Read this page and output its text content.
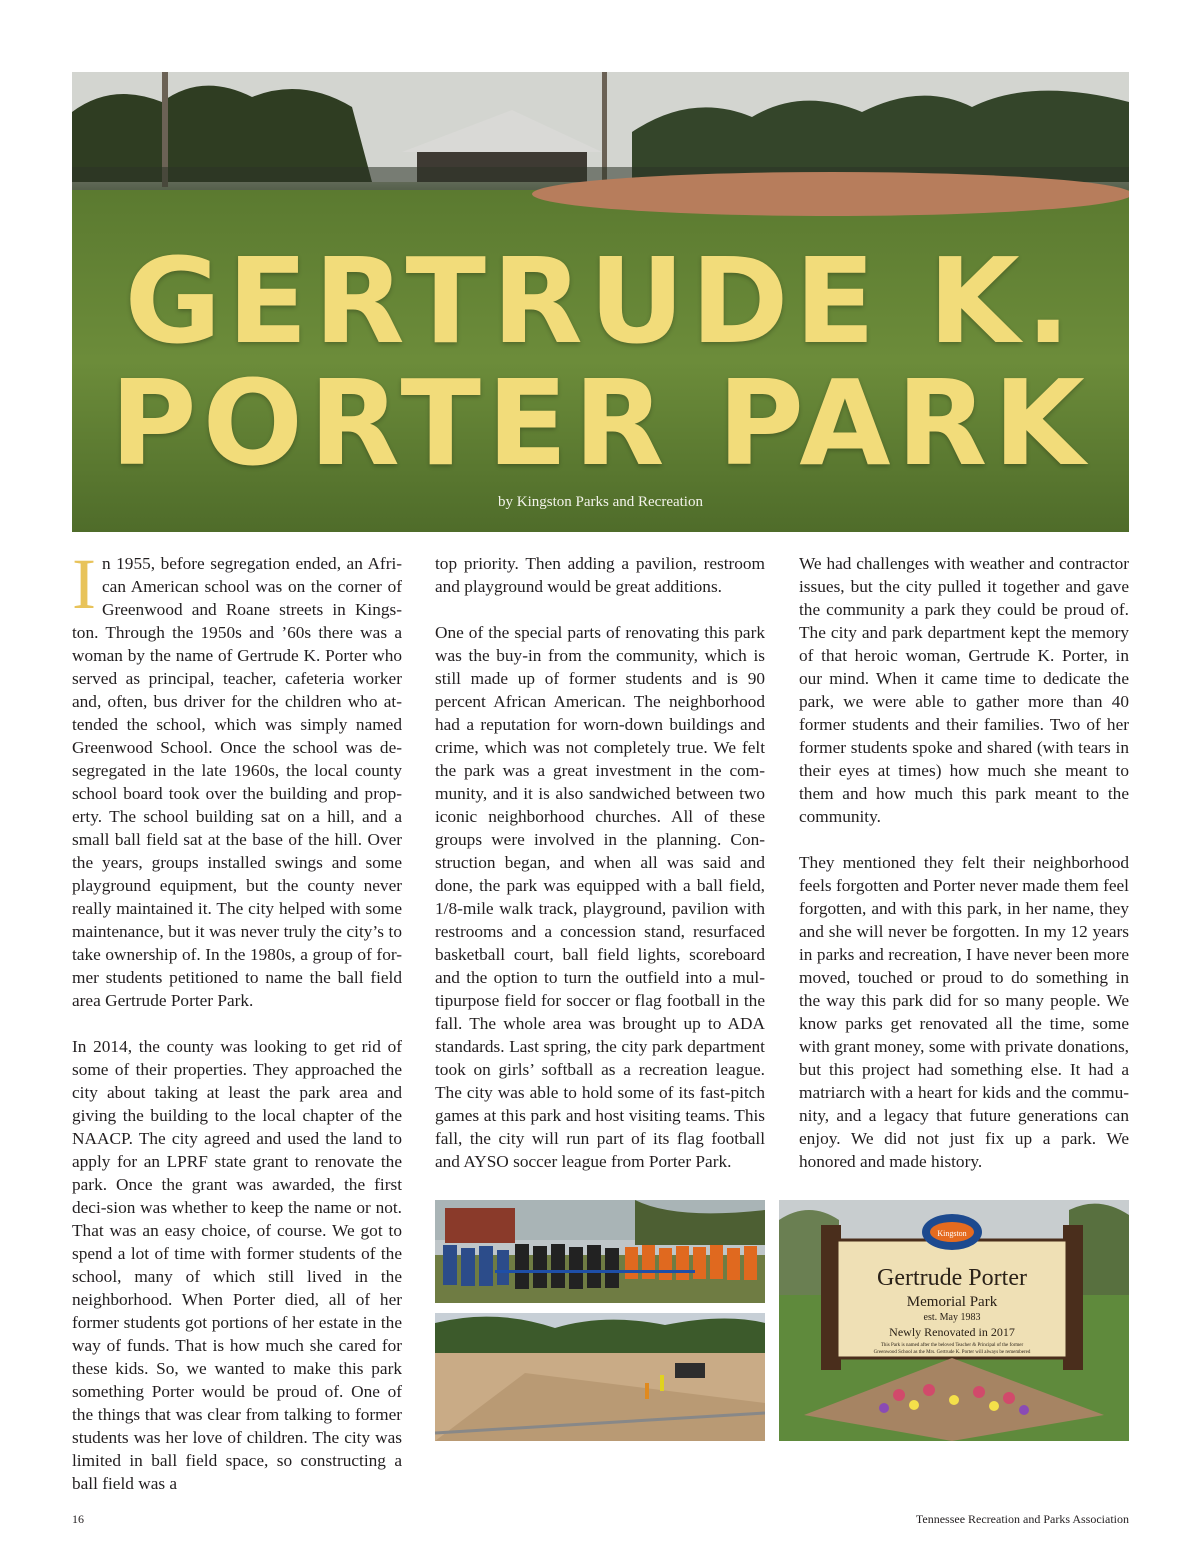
GERTRUDE K.
PORTER PARK
by Kingston Parks and Recreation

In 1955, before segregation ended, an Afri-can American school was on the corner of Greenwood and Roane streets in Kings-ton. Through the 1950s and ’60s there was a woman by the name of Gertrude K. Porter who served as principal, teacher, cafeteria worker and, often, bus driver for the children who at-tended the school, which was simply named Greenwood School. Once the school was de-segregated in the late 1960s, the local county school board took over the building and prop-erty. The school building sat on a hill, and a small ball field sat at the base of the hill. Over the years, groups installed swings and some playground equipment, but the county never really maintained it. The city helped with some maintenance, but it was never truly the city’s to take ownership of. In the 1980s, a group of for-mer students petitioned to name the ball field area Gertrude Porter Park.

In 2014, the county was looking to get rid of some of their properties. They approached the city about taking at least the park area and giving the building to the local chapter of the NAACP. The city agreed and used the land to apply for an LPRF state grant to renovate the park. Once the grant was awarded, the first deci-sion was whether to keep the name or not. That was an easy choice, of course. We got to spend a lot of time with former students of the school, many of which still lived in the neighborhood. When Porter died, all of her former students got portions of her estate in the way of funds. That is how much she cared for these kids. So, we wanted to make this park something Porter would be proud of. One of the things that was clear from talking to former students was her love of children. The city was limited in ball field space, so constructing a ball field was a

top priority. Then adding a pavilion, restroom and playground would be great additions.

One of the special parts of renovating this park was the buy-in from the community, which is still made up of former students and is 90 percent African American. The neighborhood had a reputation for worn-down buildings and crime, which was not completely true. We felt the park was a great investment in the com-munity, and it is also sandwiched between two iconic neighborhood churches. All of these groups were involved in the planning. Con-struction began, and when all was said and done, the park was equipped with a ball field, 1/8-mile walk track, playground, pavilion with restrooms and a concession stand, resurfaced basketball court, ball field lights, scoreboard and the option to turn the outfield into a mul-tipurpose field for soccer or flag football in the fall. The whole area was brought up to ADA standards. Last spring, the city park department took on girls’ softball as a recreation league. The city was able to hold some of its fast-pitch games at this park and host visiting teams. This fall, the city will run part of its flag football and AYSO soccer league from Porter Park.

We had challenges with weather and contractor issues, but the city pulled it together and gave the community a park they could be proud of. The city and park department kept the memory of that heroic woman, Gertrude K. Porter, in our mind. When it came time to dedicate the park, we were able to gather more than 40 former students and their families. Two of her former students spoke and shared (with tears in their eyes at times) how much she meant to them and how much this park meant to the community.

They mentioned they felt their neighborhood feels forgotten and Porter never made them feel forgotten, and with this park, in her name, they and she will never be forgotten. In my 12 years in parks and recreation, I have never been more moved, touched or proud to do something in the way this park did for so many people. We know parks get renovated all the time, some with grant money, some with private donations, but this project had something else. It had a matriarch with a heart for kids and the commu-nity, and a legacy that future generations can enjoy. We did not just fix up a park. We honored and made history.

Kingston
Gertrude Porter
Memorial Park
est. May 1983
Newly Renovated in 2017
This Park is named after the beloved Teacher & Principal of the former
Greenwood School as the Mrs. Gertrude K. Porter will always be remembered
16	Tennessee Recreation and Parks Association
